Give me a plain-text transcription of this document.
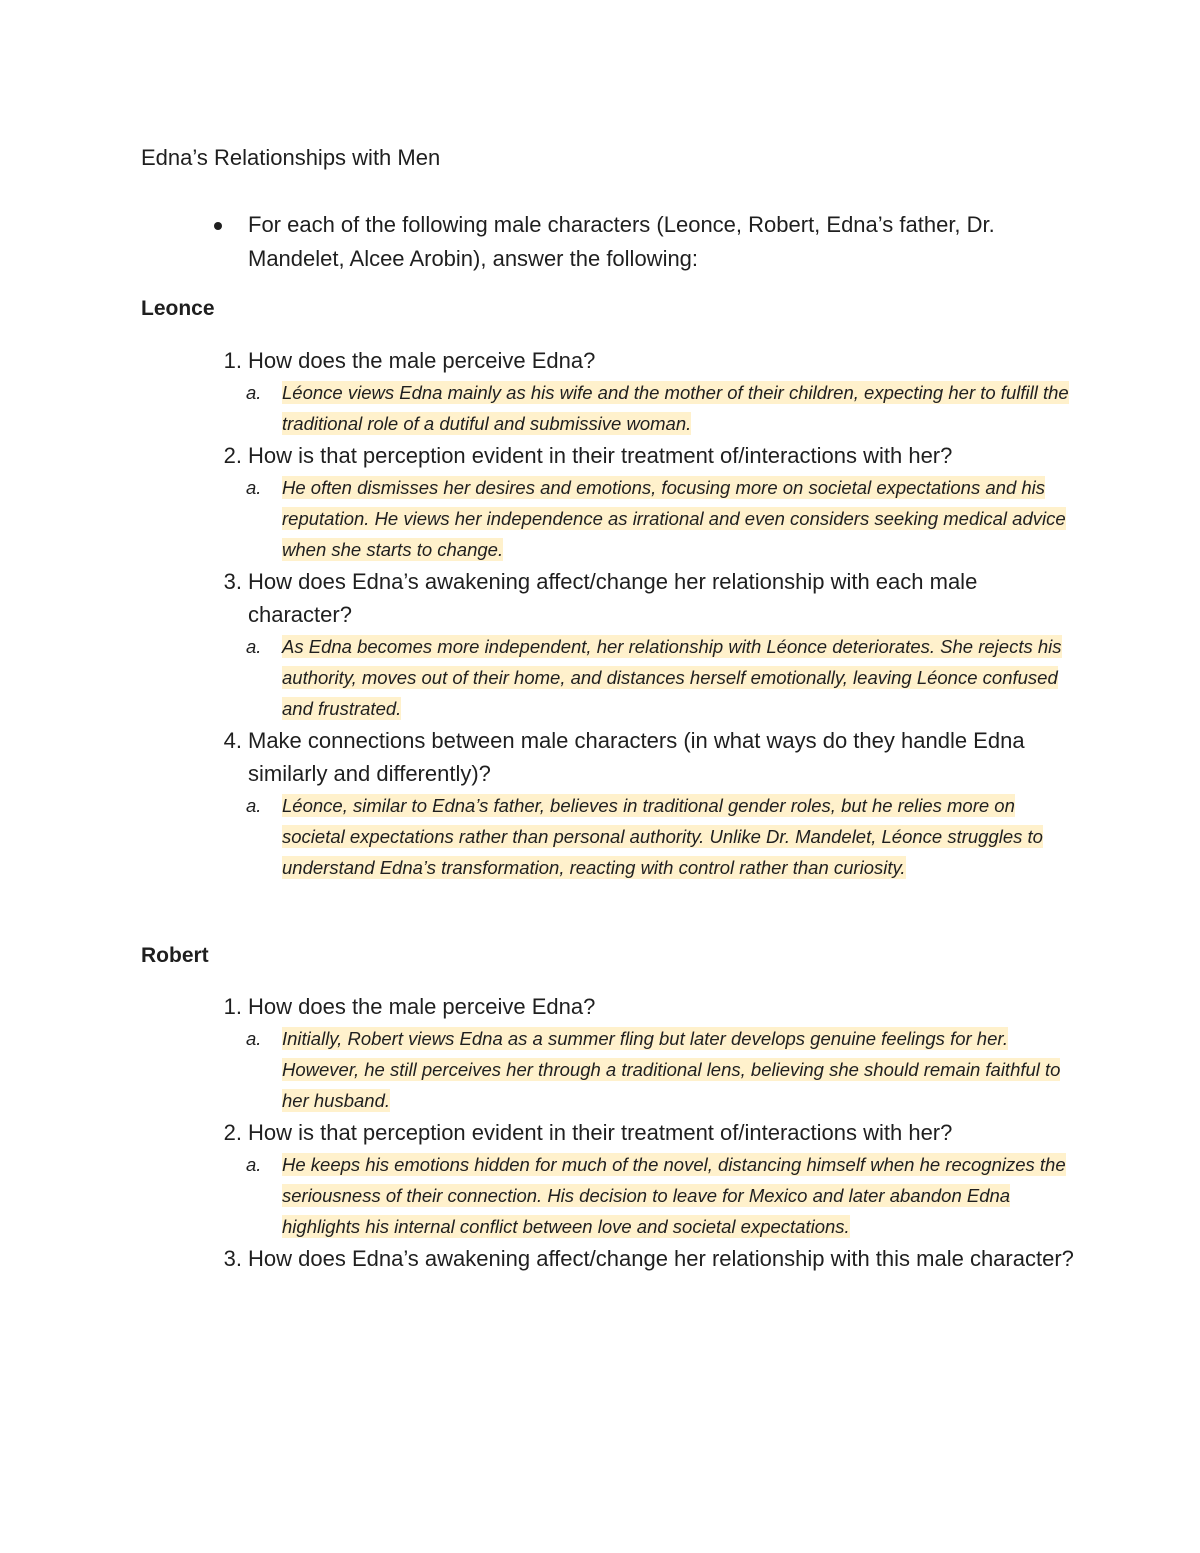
Edna’s Relationships with Men
For each of the following male characters (Leonce, Robert, Edna’s father, Dr. Mandelet, Alcee Arobin), answer the following:
Leonce
1. How does the male perceive Edna?
a. Léonce views Edna mainly as his wife and the mother of their children, expecting her to fulfill the traditional role of a dutiful and submissive woman.
2. How is that perception evident in their treatment of/interactions with her?
a. He often dismisses her desires and emotions, focusing more on societal expectations and his reputation. He views her independence as irrational and even considers seeking medical advice when she starts to change.
3. How does Edna’s awakening affect/change her relationship with each male character?
a. As Edna becomes more independent, her relationship with Léonce deteriorates. She rejects his authority, moves out of their home, and distances herself emotionally, leaving Léonce confused and frustrated.
4. Make connections between male characters (in what ways do they handle Edna similarly and differently)?
a. Léonce, similar to Edna’s father, believes in traditional gender roles, but he relies more on societal expectations rather than personal authority. Unlike Dr. Mandelet, Léonce struggles to understand Edna’s transformation, reacting with control rather than curiosity.
Robert
1. How does the male perceive Edna?
a. Initially, Robert views Edna as a summer fling but later develops genuine feelings for her. However, he still perceives her through a traditional lens, believing she should remain faithful to her husband.
2. How is that perception evident in their treatment of/interactions with her?
a. He keeps his emotions hidden for much of the novel, distancing himself when he recognizes the seriousness of their connection. His decision to leave for Mexico and later abandon Edna highlights his internal conflict between love and societal expectations.
3. How does Edna’s awakening affect/change her relationship with this male character?
